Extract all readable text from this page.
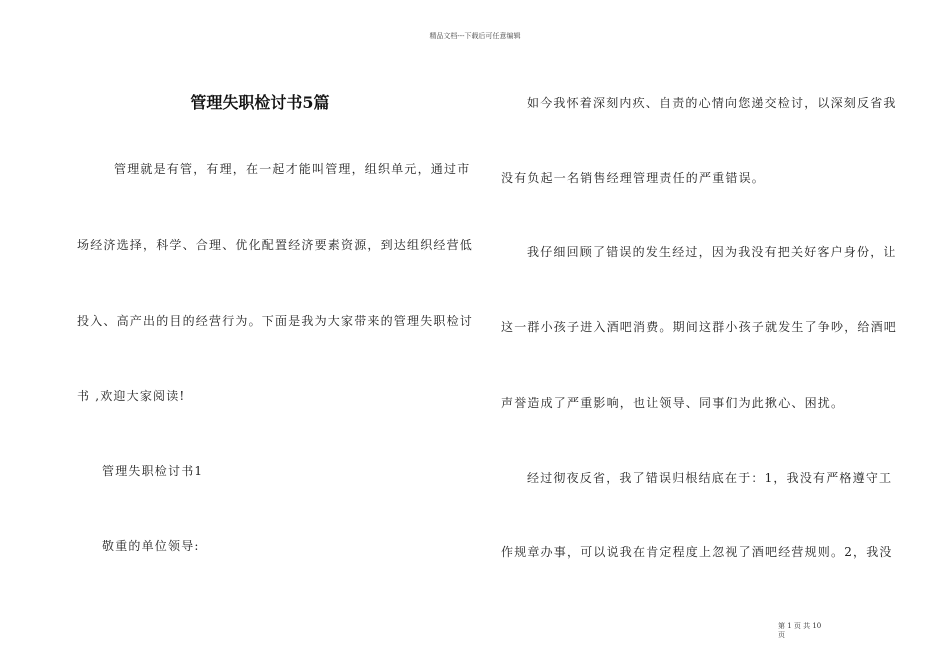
精品文档---下载后可任意编辑
管理失职检讨书5篇
管理就是有管，有理，在一起才能叫管理，组织单元，通过市
场经济选择，科学、合理、优化配置经济要素资源，到达组织经营低
投入、高产出的目的经营行为。下面是我为大家带来的管理失职检讨
书 ,欢迎大家阅读!
管理失职检讨书1
敬重的单位领导:
如今我怀着深刻内疚、自责的心情向您递交检讨，以深刻反省我
没有负起一名销售经理管理责任的严重错误。
我仔细回顾了错误的发生经过，因为我没有把关好客户身份，让
这一群小孩子进入酒吧消费。期间这群小孩子就发生了争吵，给酒吧
声誉造成了严重影响，也让领导、同事们为此揪心、困扰。
经过彻夜反省，我了错误归根结底在于：1，我没有严格遵守工
作规章办事，可以说我在肯定程度上忽视了酒吧经营规则。2，我没
第 1 页 共 10
页
